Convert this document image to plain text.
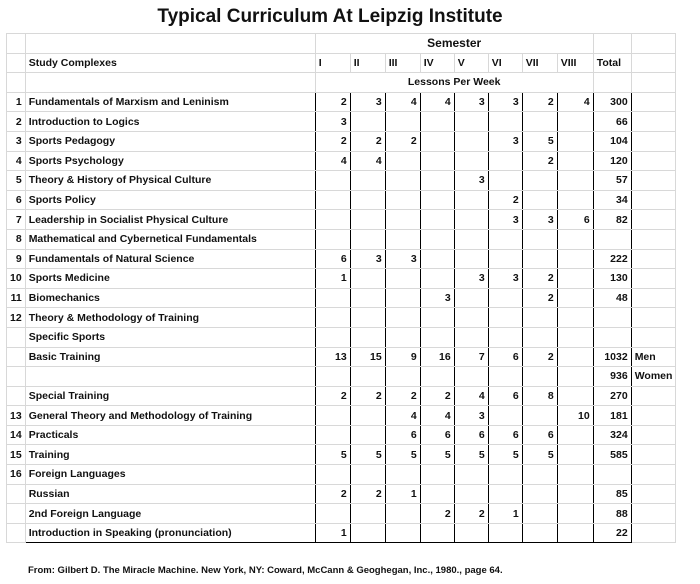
Typical Curriculum At Leipzig Institute
		Semester									
	Study Complexes	I	II	III	IV	V	VI	VII	VIII	Total	
		Lessons Per Week									
1	Fundamentals of Marxism and Leninism	2	3	4	4	3	3	2	4	300	
2	Introduction to Logics	3								66	
3	Sports Pedagogy	2	2	2			3	5		104	
4	Sports Psychology	4	4					2		120	
5	Theory & History of Physical Culture					3				57	
6	Sports Policy						2			34	
7	Leadership in Socialist Physical Culture						3	3	6	82	
8	Mathematical and Cybernetical Fundamentals										
9	Fundamentals of Natural Science	6	3	3						222	
10	Sports Medicine	1				3	3	2		130	
11	Biomechanics				3			2		48	
12	Theory & Methodology of Training										
	Specific Sports										
	Basic Training	13	15	9	16	7	6	2		1032	Men
										936	Women
	Special Training	2	2	2	2	4	6	8		270	
13	General Theory and Methodology of Training			4	4	3			10	181	
14	Practicals			6	6	6	6	6		324	
15	Training	5	5	5	5	5	5	5		585	
16	Foreign Languages										
	Russian	2	2	1						85	
	2nd Foreign Language				2	2	1			88	
	Introduction in Speaking (pronunciation)	1								22	
From: Gilbert D. The Miracle Machine. New York, NY: Coward, McCann & Geoghegan, Inc., 1980., page 64.
